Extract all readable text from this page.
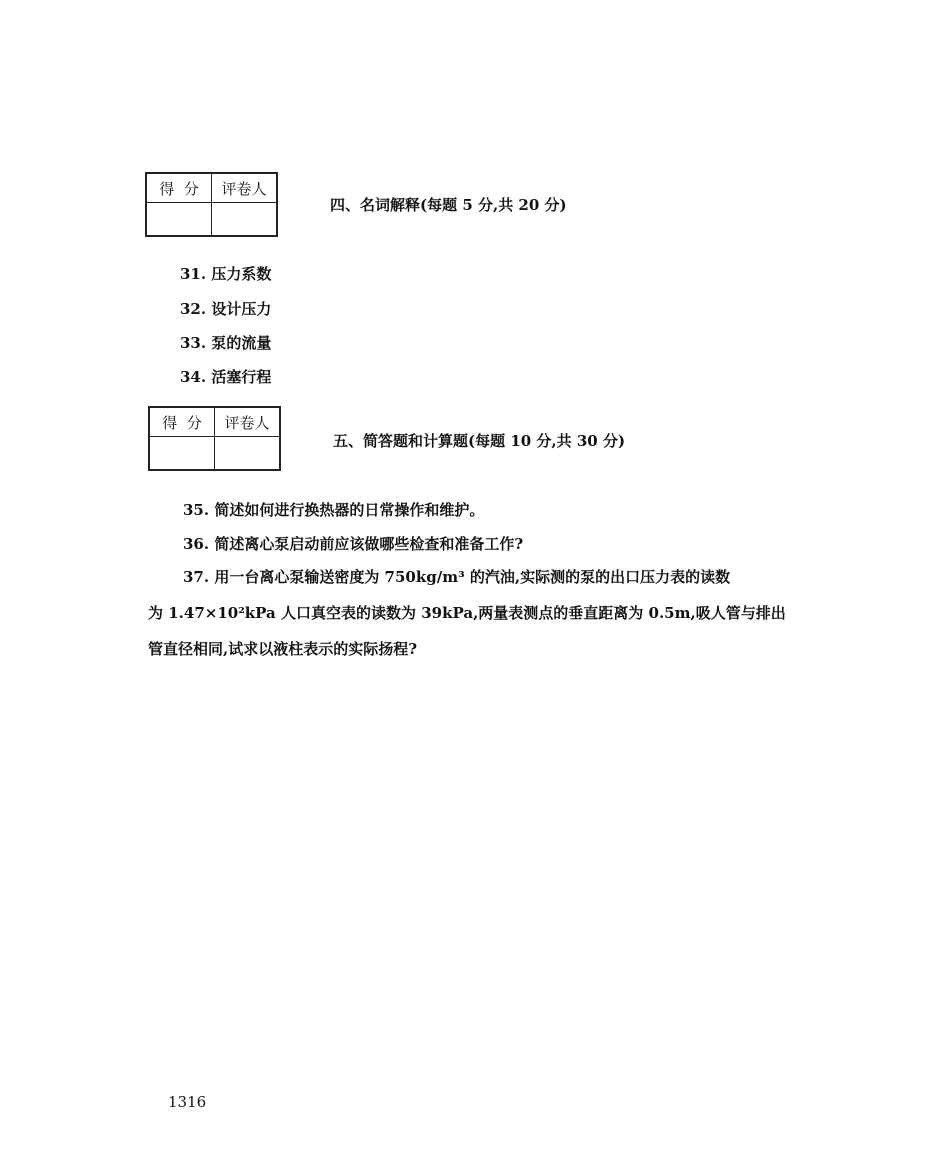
得  分	评卷人

四、名词解释(每题 5 分,共 20 分)
31. 压力系数
32. 设计压力
33. 泵的流量
34. 活塞行程
得  分	评卷人

五、简答题和计算题(每题 10 分,共 30 分)
35. 简述如何进行换热器的日常操作和维护。
36. 简述离心泵启动前应该做哪些检查和准备工作?
37. 用一台离心泵输送密度为 750kg/m³ 的汽油,实际测的泵的出口压力表的读数
为 1.47×10²kPa 人口真空表的读数为 39kPa,两量表测点的垂直距离为 0.5m,吸人管与排出
管直径相同,试求以液柱表示的实际扬程?
1316
